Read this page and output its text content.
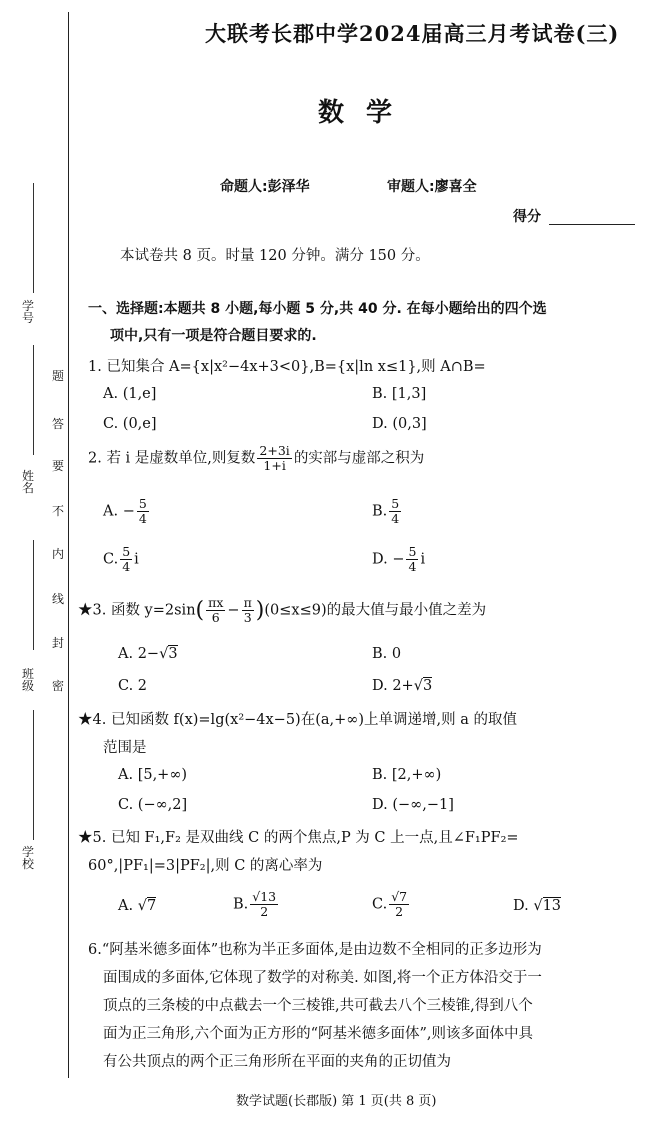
学号
姓名
班级
学校
题
答
要
不
内
线
封
密
大联考长郡中学2024届高三月考试卷(三)
数学
命题人:彭泽华	审题人:廖喜全
得分
本试卷共 8 页。时量 120 分钟。满分 150 分。
一、选择题:本题共 8 小题,每小题 5 分,共 40 分. 在每小题给出的四个选
项中,只有一项是符合题目要求的.
1. 已知集合 A={x|x²−4x+3<0},B={x|ln x≤1},则 A∩B=
A. (1,e]	B. [1,3]
C. (0,e]	D. (0,3]
2. 若 i 是虚数单位,则复数 $\frac{2+3i}{1+i}$ 的实部与虚部之积为
A. − $\frac{5}{4}$	B. $\frac{5}{4}$
C. $\frac{5}{4}$ i	D. − $\frac{5}{4}$ i
★3. 函数 $y=2\sin( \frac{\pi x}{6} - \frac{\pi}{3} )(0\le x\le 9)$的最大值与最小值之差为
A. 2−√3	B. 0
C. 2	D. 2+√3
★4. 已知函数 f(x)=lg(x²−4x−5)在(a,+∞)上单调递增,则 a 的取值
范围是
A. [5,+∞)	B. [2,+∞)
C. (−∞,2]	D. (−∞,−1]
★5. 已知 F₁,F₂ 是双曲线 C 的两个焦点,P 为 C 上一点,且∠F₁PF₂=
60°,|PF₁|=3|PF₂|,则 C 的离心率为
A. √7	B. $\frac{√13}{2}$	C. $\frac{√7}{2}$	D. √13
6.“阿基米德多面体”也称为半正多面体,是由边数不全相同的正多边形为
面围成的多面体,它体现了数学的对称美. 如图,将一个正方体沿交于一
顶点的三条棱的中点截去一个三棱锥,共可截去八个三棱锥,得到八个
面为正三角形,六个面为正方形的“阿基米德多面体”,则该多面体中具
有公共顶点的两个正三角形所在平面的夹角的正切值为
数学试题(长郡版) 第 1 页(共 8 页)
